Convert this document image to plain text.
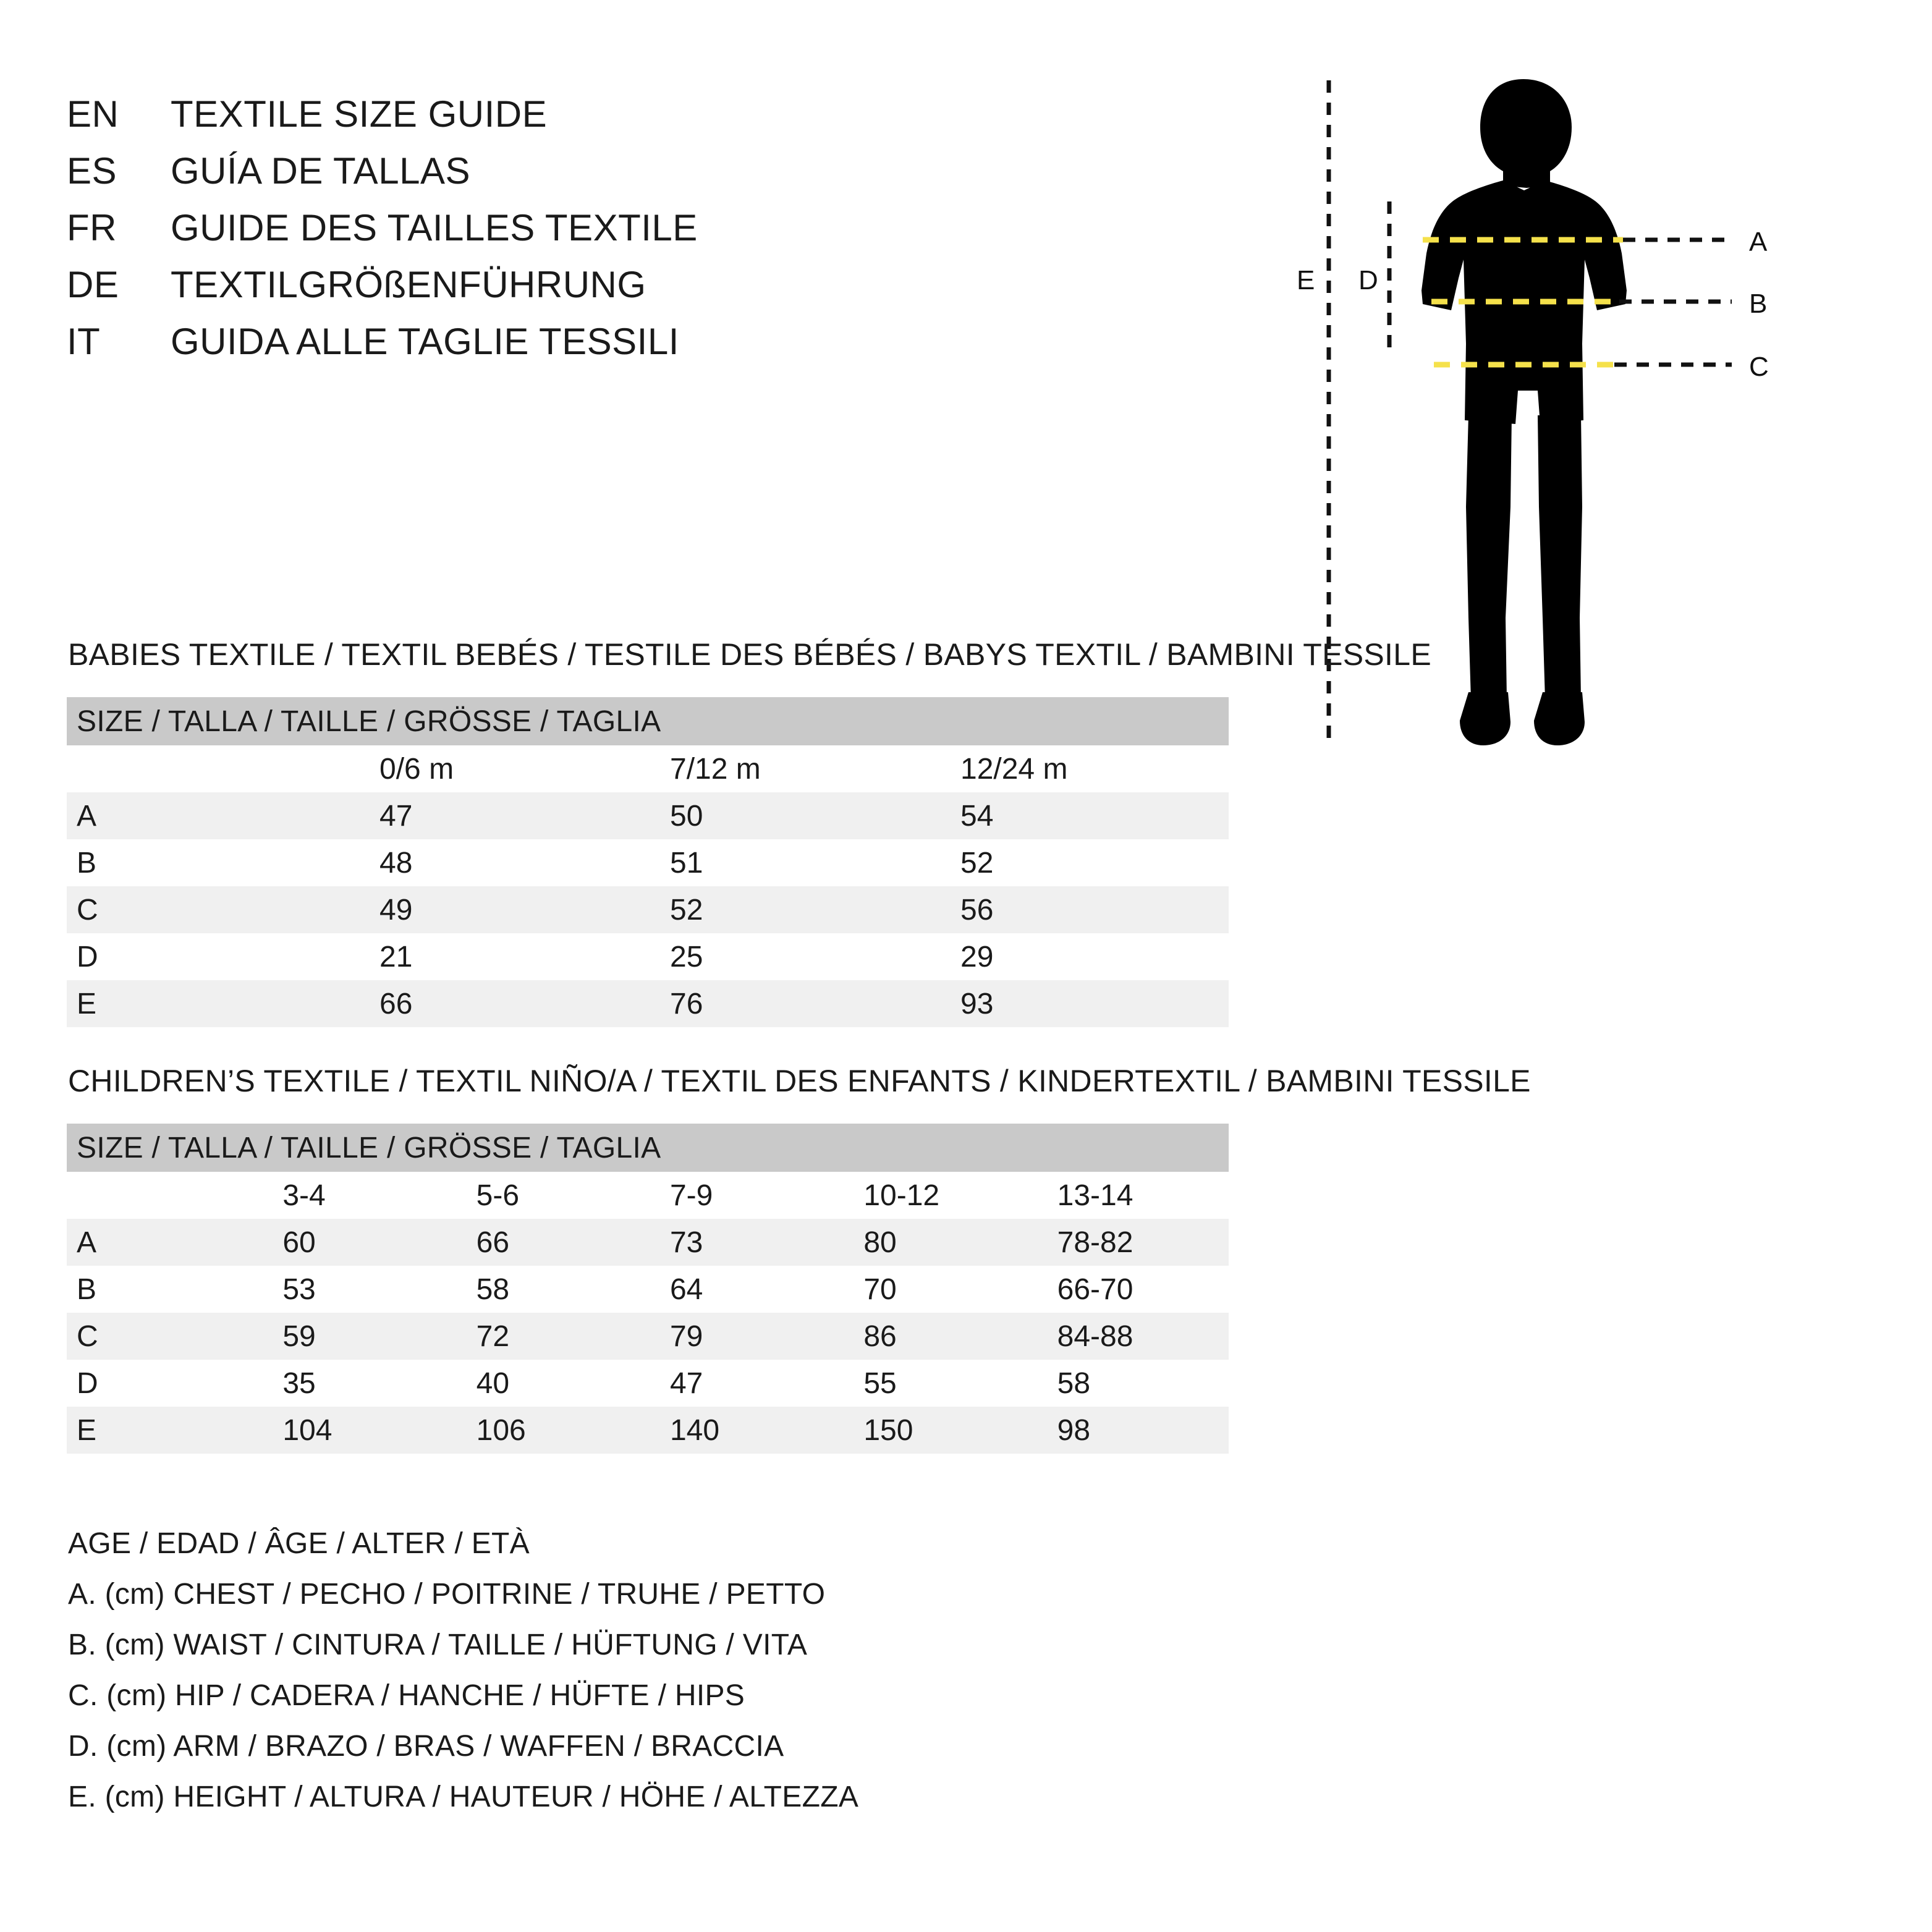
EN	TEXTILE SIZE GUIDE
ES	GUÍA DE TALLAS
FR	GUIDE DES TAILLES TEXTILE
DE	TEXTILGRÖßENFÜHRUNG
IT	GUIDA ALLE TAGLIE TESSILI
A
B
C
D
E
BABIES TEXTILE / TEXTIL BEBÉS / TESTILE DES BÉBÉS / BABYS TEXTIL / BAMBINI TESSILE
SIZE / TALLA / TAILLE / GRÖSSE / TAGLIA			
	0/6 m	7/12 m	12/24 m
A	47	50	54
B	48	51	52
C	49	52	56
D	21	25	29
E	66	76	93
CHILDREN’S TEXTILE / TEXTIL NIÑO/A / TEXTIL DES ENFANTS / KINDERTEXTIL / BAMBINI TESSILE
SIZE / TALLA / TAILLE / GRÖSSE / TAGLIA					
	3-4	5-6	7-9	10-12	13-14
A	60	66	73	80	78-82
B	53	58	64	70	66-70
C	59	72	79	86	84-88
D	35	40	47	55	58
E	104	106	140	150	98
AGE / EDAD / ÂGE / ALTER / ETÀ
A. (cm) CHEST / PECHO / POITRINE / TRUHE / PETTO
B. (cm) WAIST / CINTURA / TAILLE / HÜFTUNG / VITA
C. (cm) HIP / CADERA / HANCHE / HÜFTE / HIPS
D. (cm) ARM / BRAZO / BRAS / WAFFEN / BRACCIA
E. (cm) HEIGHT / ALTURA / HAUTEUR / HÖHE / ALTEZZA
